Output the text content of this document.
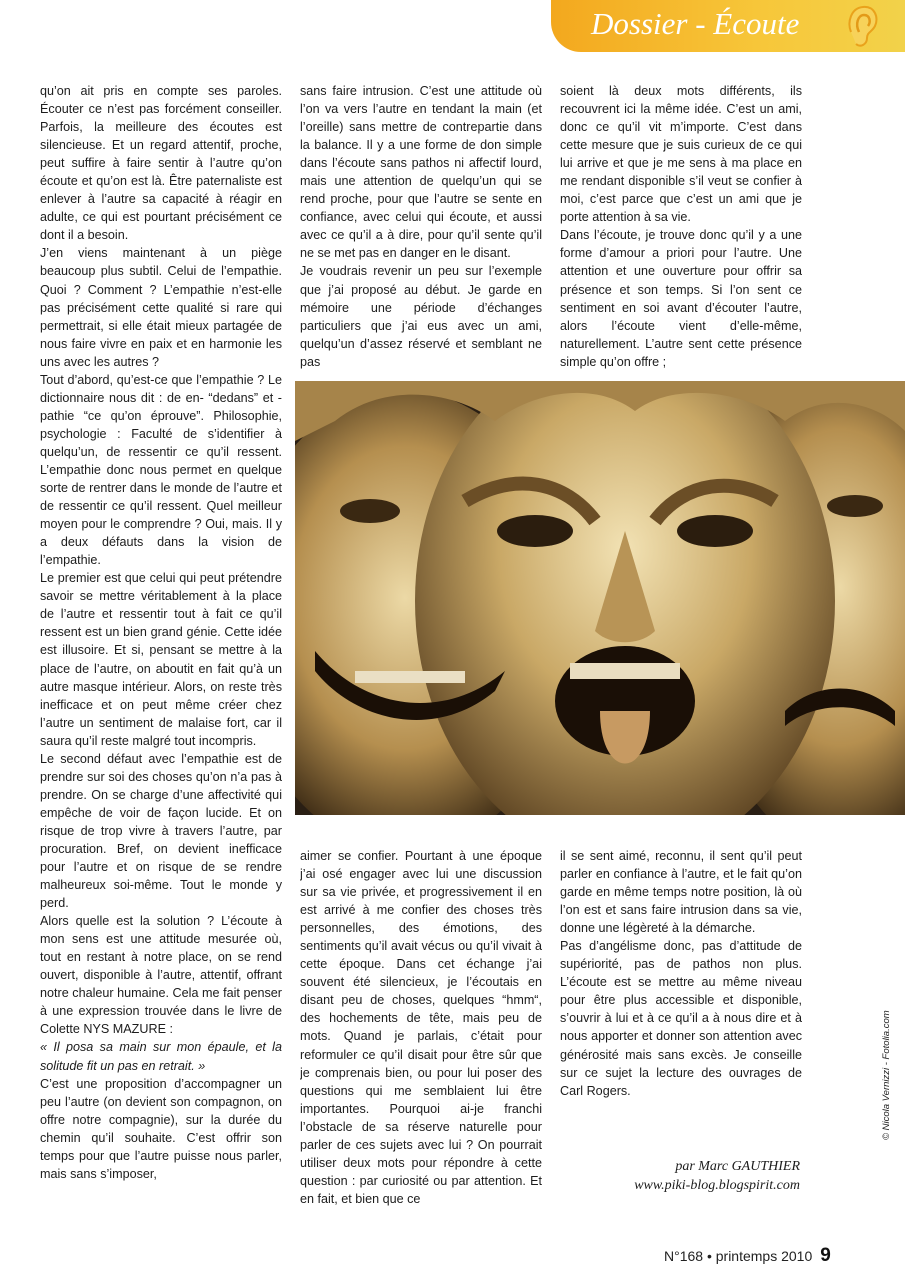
Dossier - Écoute

qu’on ait pris en compte ses paroles. Écouter ce n’est pas forcément conseiller. Parfois, la meilleure des écoutes est silencieuse. Et un regard attentif, proche, peut suffire à faire sentir à l’autre qu’on écoute et qu’on est là. Être paternaliste est enlever à l’autre sa capacité à réagir en adulte, ce qui est pourtant précisément ce dont il a besoin.

J’en viens maintenant à un piège beaucoup plus subtil. Celui de l’empathie. Quoi ? Comment ? L’empathie n’est-elle pas précisément cette qualité si rare qui permettrait, si elle était mieux partagée de nous faire vivre en paix et en harmonie les uns avec les autres ?

Tout d’abord, qu’est-ce que l’empathie ? Le dictionnaire nous dit : de en- “dedans” et -pathie “ce qu’on éprouve”. Philosophie, psychologie : Faculté de s’identifier à quelqu’un, de ressentir ce qu’il ressent. L’empathie donc nous permet en quelque sorte de rentrer dans le monde de l’autre et de ressentir ce qu’il ressent. Quel meilleur moyen pour le comprendre ? Oui, mais. Il y a deux défauts dans la vision de l’empathie.

Le premier est que celui qui peut prétendre savoir se mettre véritablement à la place de l’autre et ressentir tout à fait ce qu’il ressent est un bien grand génie. Cette idée est illusoire. Et si, pensant se mettre à la place de l’autre, on aboutit en fait qu’à un autre masque intérieur. Alors, on reste très inefficace et on peut même créer chez l’autre un sentiment de malaise fort, car il saura qu’il reste malgré tout incompris.

Le second défaut avec l’empathie est de prendre sur soi des choses qu’on n’a pas à prendre. On se charge d’une affectivité qui empêche de voir de façon lucide. Et on risque de trop vivre à travers l’autre, par procuration. Bref, on devient inefficace pour l’autre et on risque de se rendre malheureux soi-même. Tout le monde y perd.

Alors quelle est la solution ? L’écoute à mon sens est une attitude mesurée où, tout en restant à notre place, on se rend ouvert, disponible à l’autre, attentif, offrant notre chaleur humaine. Cela me fait penser à une expression trouvée dans le livre de Colette NYS MAZURE :

« Il posa sa main sur mon épaule, et la solitude fit un pas en retrait. »

C’est une proposition d’accompagner un peu l’autre (on devient son compagnon, on offre notre compagnie), sur la durée du chemin qu’il souhaite. C’est offrir son temps pour que l’autre puisse nous parler, mais sans s’imposer,

sans faire intrusion. C’est une attitude où l’on va vers l’autre en tendant la main (et l’oreille) sans mettre de contrepartie dans la balance. Il y a une forme de don simple dans l’écoute sans pathos ni affectif lourd, mais une attention de quelqu’un qui se rend proche, pour que l’autre se sente en confiance, avec celui qui écoute, et aussi avec ce qu’il a à dire, pour qu’il sente qu’il ne se met pas en danger en le disant.

Je voudrais revenir un peu sur l’exemple que j’ai proposé au début. Je garde en mémoire une période d’échanges particuliers que j’ai eus avec un ami, quelqu’un d’assez réservé et semblant ne pas

soient là deux mots différents, ils recouvrent ici la même idée. C’est un ami, donc ce qu’il vit m’importe. C’est dans cette mesure que je suis curieux de ce qui lui arrive et que je me sens à ma place en me rendant disponible s’il veut se confier à moi, c’est parce que c’est un ami que je porte attention à sa vie.

Dans l’écoute, je trouve donc qu’il y a une forme d’amour a priori pour l’autre. Une attention et une ouverture pour offrir sa présence et son temps. Si l’on sent ce sentiment en soi avant d’écouter l’autre, alors l’écoute vient d’elle-même, naturellement. L’autre sent cette présence simple qu’on offre ;

© Nicola Vernizzi - Fotolia.com

aimer se confier. Pourtant à une époque j’ai osé engager avec lui une discussion sur sa vie privée, et progressivement il en est arrivé à me confier des choses très personnelles, des émotions, des sentiments qu’il avait vécus ou qu’il vivait à cette époque. Dans cet échange j’ai souvent été silencieux, je l’écoutais en disant peu de choses, quelques “hmm“, des hochements de tête, mais peu de mots. Quand je parlais, c’était pour reformuler ce qu’il disait pour être sûr que je comprenais bien, ou pour lui poser des questions qui me semblaient lui être importantes. Pourquoi ai-je franchi l’obstacle de sa réserve naturelle pour parler de ces sujets avec lui ? On pourrait utiliser deux mots pour répondre à cette question : par curiosité ou par attention. Et en fait, et bien que ce

il se sent aimé, reconnu, il sent qu’il peut parler en confiance à l’autre, et le fait qu’on garde en même temps notre position, là où l’on est et sans faire intrusion dans sa vie, donne une légèreté à la démarche.

Pas d’angélisme donc, pas d’attitude de supériorité, pas de pathos non plus. L’écoute est se mettre au même niveau pour être plus accessible et disponible, s’ouvrir à lui et à ce qu’il a à nous dire et à nous apporter et donner son attention avec générosité mais sans excès. Je conseille sur ce sujet la lecture des ouvrages de Carl Rogers.

par Marc GAUTHIER
www.piki-blog.blogspirit.com
N°168 • printemps 2010 9
